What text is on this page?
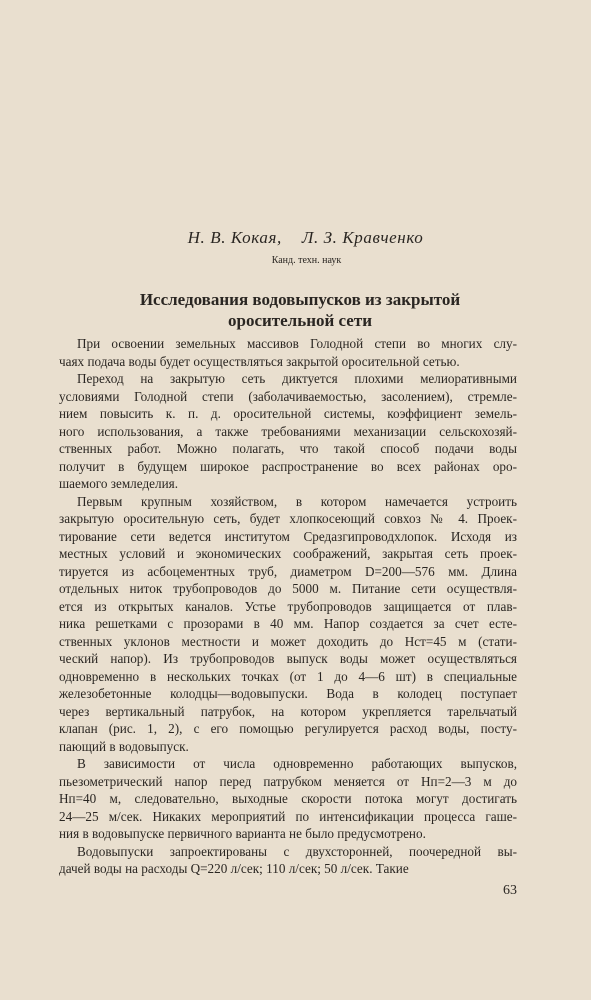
Н. В. Кокая, Л. З. Кравченко
Канд. техн. наук
Исследования водовыпусков из закрытой
оросительной сети

При освоении земельных массивов Голодной степи во многих слу-
чаях подача воды будет осуществляться закрытой оросительной сетью.

Переход на закрытую сеть диктуется плохими мелиоративными
условиями Голодной степи (заболачиваемостью, засолением), стремле-
нием повысить к. п. д. оросительной системы, коэффициент земель-
ного использования, а также требованиями механизации сельскохозяй-
ственных работ. Можно полагать, что такой способ подачи воды
получит в будущем широкое распространение во всех районах оро-
шаемого земледелия.

Первым крупным хозяйством, в котором намечается устроить
закрытую оросительную сеть, будет хлопкосеющий совхоз № 4. Проек-
тирование сети ведется институтом Средазгипроводхлопок. Исходя из
местных условий и экономических соображений, закрытая сеть проек-
тируется из асбоцементных труб, диаметром D=200—576 мм. Длина
отдельных ниток трубопроводов до 5000 м. Питание сети осуществля-
ется из открытых каналов. Устье трубопроводов защищается от плав-
ника решетками с прозорами в 40 мм. Напор создается за счет есте-
ственных уклонов местности и может доходить до Hст=45 м (стати-
ческий напор). Из трубопроводов выпуск воды может осуществляться
одновременно в нескольких точках (от 1 до 4—6 шт) в специальные
железобетонные колодцы—водовыпуски. Вода в колодец поступает
через вертикальный патрубок, на котором укрепляется тарельчатый
клапан (рис. 1, 2), с его помощью регулируется расход воды, посту-
пающий в водовыпуск.

В зависимости от числа одновременно работающих выпусков,
пьезометрический напор перед патрубком меняется от Hп=2—3 м до
Hп=40 м, следовательно, выходные скорости потока могут достигать
24—25 м/сек. Никаких мероприятий по интенсификации процесса гаше-
ния в водовыпуске первичного варианта не было предусмотрено.

Водовыпуски запроектированы с двухсторонней, поочередной вы-
дачей воды на расходы Q=220 л/сек; 110 л/сек; 50 л/сек. Такие

63
